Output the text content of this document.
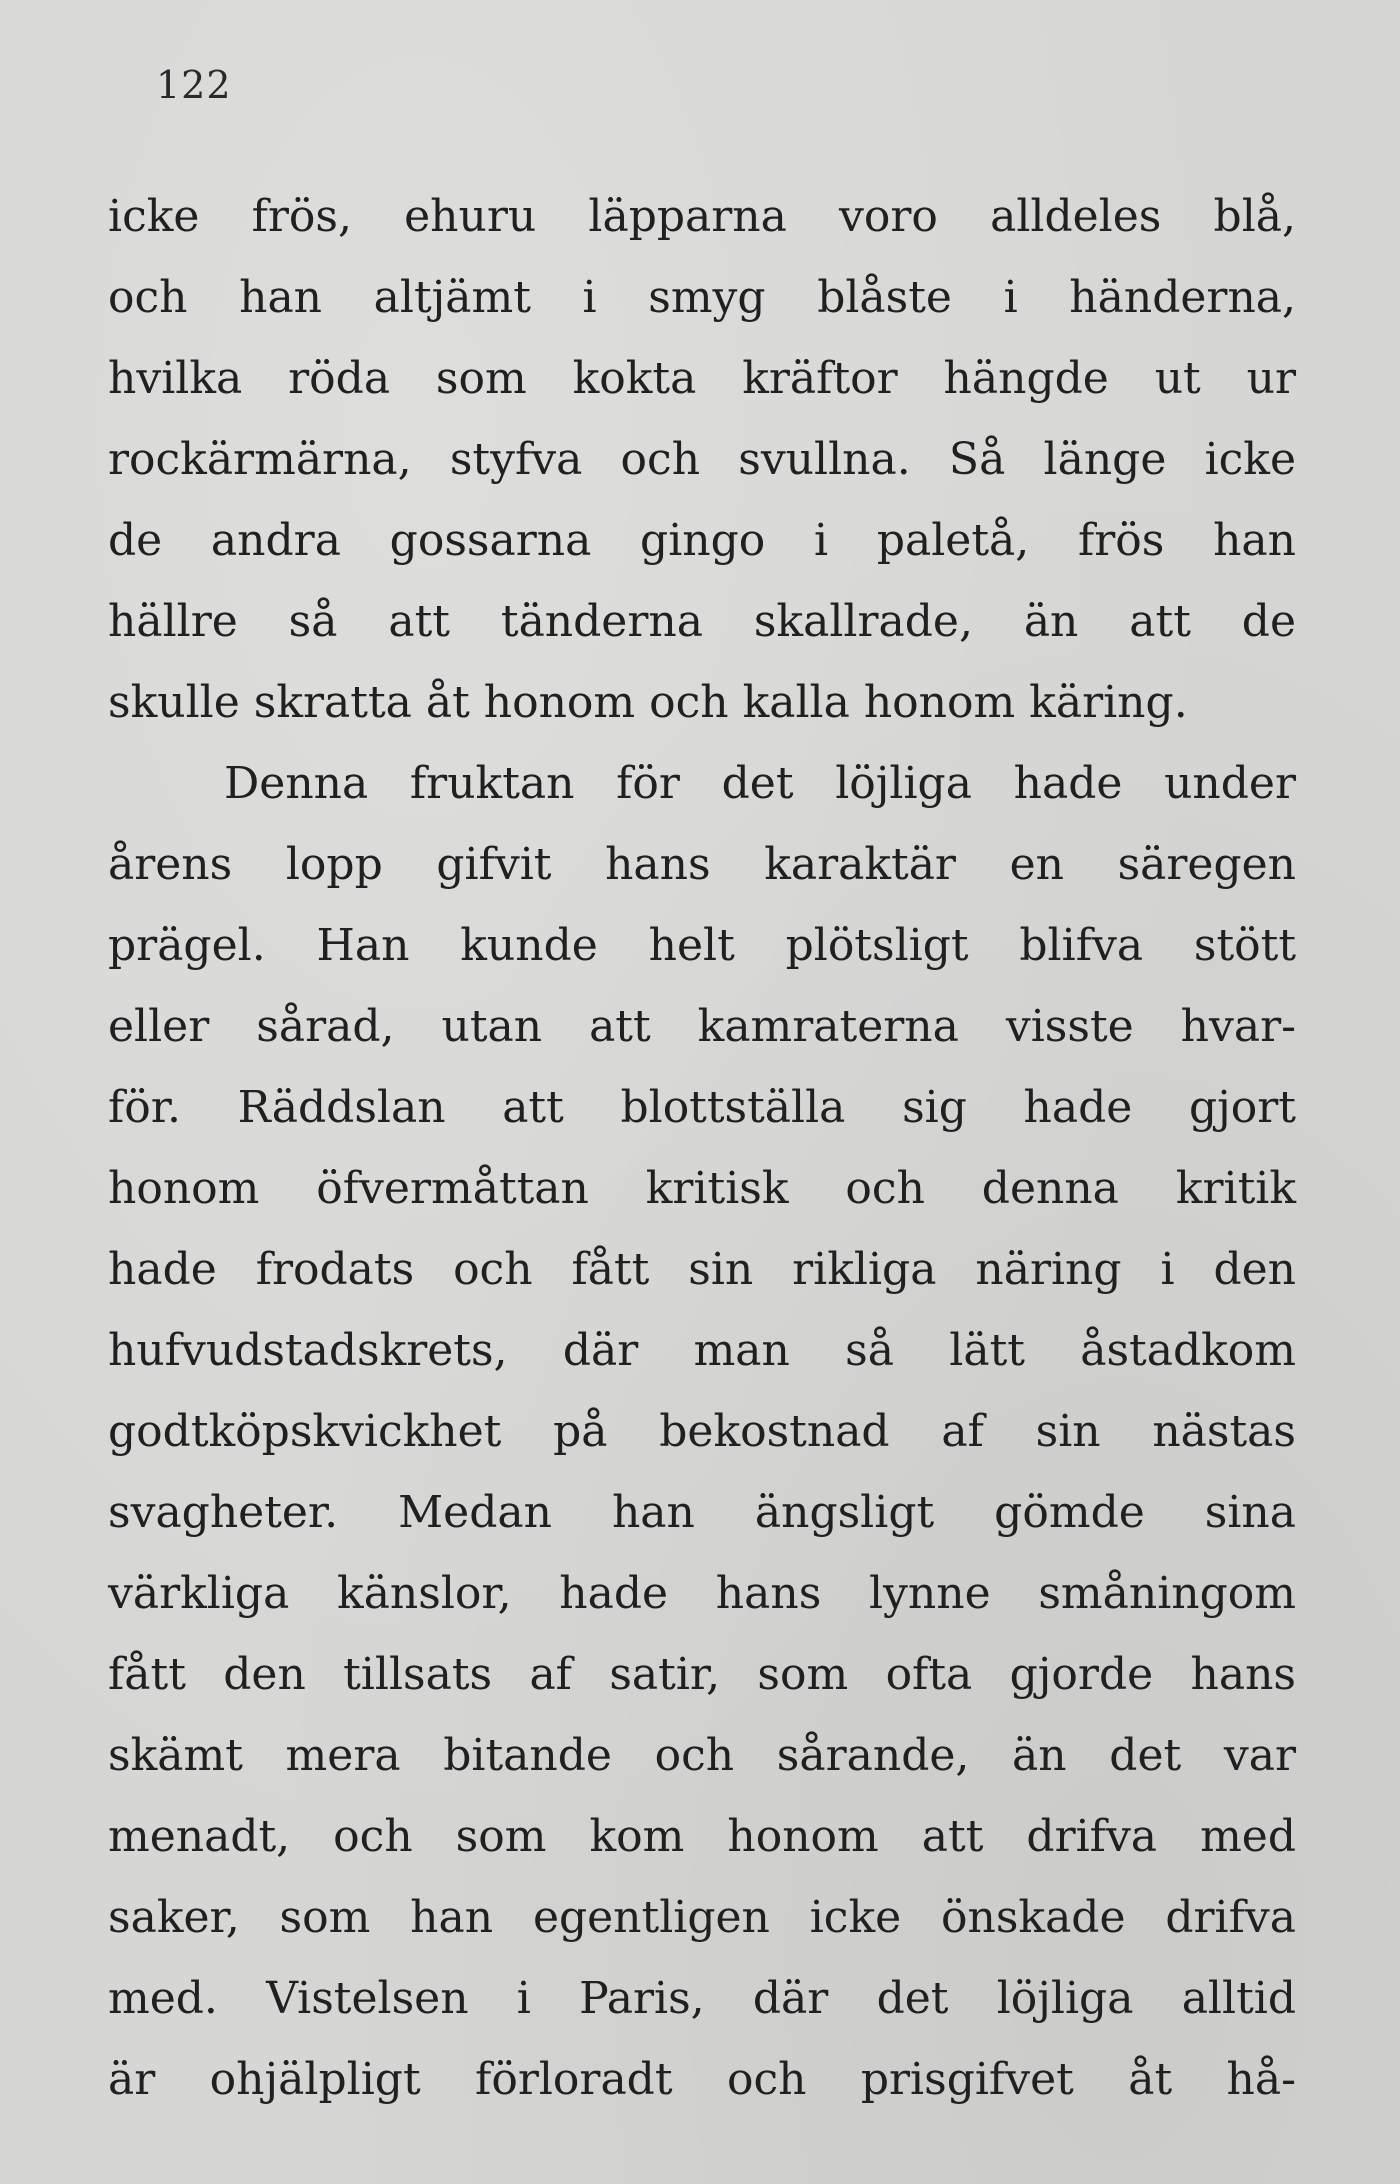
122
icke frös, ehuru läpparna voro alldeles blå,
och han altjämt i smyg blåste i händerna,
hvilka röda som kokta kräftor hängde ut ur
rockärmärna, styfva och svullna. Så länge icke
de andra gossarna gingo i paletå, frös han
hällre så att tänderna skallrade, än att de
skulle skratta åt honom och kalla honom käring.
Denna fruktan för det löjliga hade under
årens lopp gifvit hans karaktär en säregen
prägel. Han kunde helt plötsligt blifva stött
eller sårad, utan att kamraterna visste hvar-
för. Räddslan att blottställa sig hade gjort
honom öfvermåttan kritisk och denna kritik
hade frodats och fått sin rikliga näring i den
hufvudstadskrets, där man så lätt åstadkom
godtköpskvickhet på bekostnad af sin nästas
svagheter. Medan han ängsligt gömde sina
värkliga känslor, hade hans lynne småningom
fått den tillsats af satir, som ofta gjorde hans
skämt mera bitande och sårande, än det var
menadt, och som kom honom att drifva med
saker, som han egentligen icke önskade drifva
med. Vistelsen i Paris, där det löjliga alltid
är ohjälpligt förloradt och prisgifvet åt hå-
